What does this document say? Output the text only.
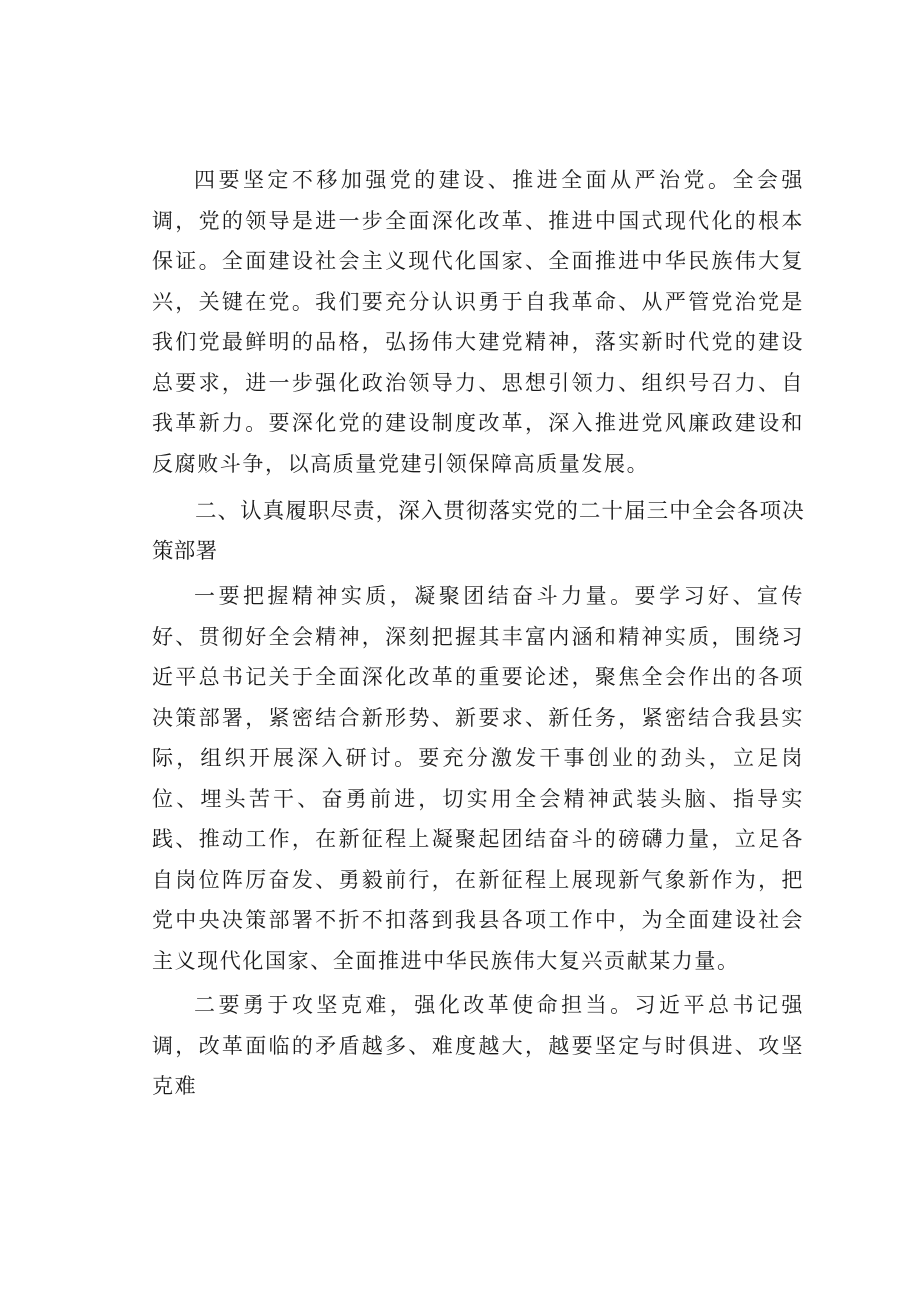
四要坚定不移加强党的建设、推进全面从严治党。全会强调，党的领导是进一步全面深化改革、推进中国式现代化的根本保证。全面建设社会主义现代化国家、全面推进中华民族伟大复兴，关键在党。我们要充分认识勇于自我革命、从严管党治党是我们党最鲜明的品格，弘扬伟大建党精神，落实新时代党的建设总要求，进一步强化政治领导力、思想引领力、组织号召力、自我革新力。要深化党的建设制度改革，深入推进党风廉政建设和反腐败斗争，以高质量党建引领保障高质量发展。

二、认真履职尽责，深入贯彻落实党的二十届三中全会各项决策部署

一要把握精神实质，凝聚团结奋斗力量。要学习好、宣传好、贯彻好全会精神，深刻把握其丰富内涵和精神实质，围绕习近平总书记关于全面深化改革的重要论述，聚焦全会作出的各项决策部署，紧密结合新形势、新要求、新任务，紧密结合我县实际，组织开展深入研讨。要充分激发干事创业的劲头，立足岗位、埋头苦干、奋勇前进，切实用全会精神武装头脑、指导实践、推动工作，在新征程上凝聚起团结奋斗的磅礴力量，立足各自岗位阵厉奋发、勇毅前行，在新征程上展现新气象新作为，把党中央决策部署不折不扣落到我县各项工作中，为全面建设社会主义现代化国家、全面推进中华民族伟大复兴贡献某力量。

二要勇于攻坚克难，强化改革使命担当。习近平总书记强调，改革面临的矛盾越多、难度越大，越要坚定与时俱进、攻坚克难
